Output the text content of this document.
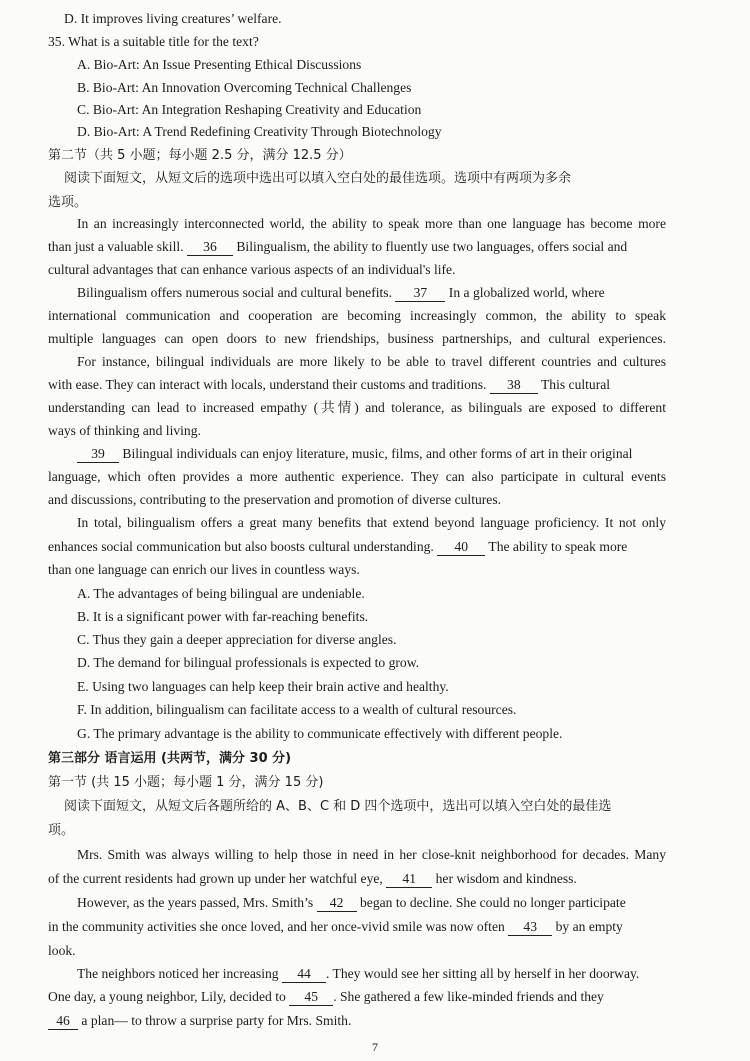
D. It improves living creatures’ welfare.
35. What is a suitable title for the text?
A. Bio-Art: An Issue Presenting Ethical Discussions
B. Bio-Art: An Innovation Overcoming Technical Challenges
C. Bio-Art: An Integration Reshaping Creativity and Education
D. Bio-Art: A Trend Redefining Creativity Through Biotechnology
第二节（共 5 小题；每小题 2.5 分，满分 12.5 分）
阅读下面短文，从短文后的选项中选出可以填入空白处的最佳选项。选项中有两项为多余
选项。
In an increasingly interconnected world, the ability to speak more than one language has become more
than just a valuable skill. 36 Bilingualism, the ability to fluently use two languages, offers social and
cultural advantages that can enhance various aspects of an individual's life.
Bilingualism offers numerous social and cultural benefits. 37 In a globalized world, where
international communication and cooperation are becoming increasingly common, the ability to speak
multiple languages can open doors to new friendships, business partnerships, and cultural experiences.
For instance, bilingual individuals are more likely to be able to travel different countries and cultures
with ease. They can interact with locals, understand their customs and traditions. 38 This cultural
understanding can lead to increased empathy (共情) and tolerance, as bilinguals are exposed to different
ways of thinking and living.
39 Bilingual individuals can enjoy literature, music, films, and other forms of art in their original
language, which often provides a more authentic experience. They can also participate in cultural events
and discussions, contributing to the preservation and promotion of diverse cultures.
In total, bilingualism offers a great many benefits that extend beyond language proficiency. It not only
enhances social communication but also boosts cultural understanding. 40 The ability to speak more
than one language can enrich our lives in countless ways.
A. The advantages of being bilingual are undeniable.
B. It is a significant power with far-reaching benefits.
C. Thus they gain a deeper appreciation for diverse angles.
D. The demand for bilingual professionals is expected to grow.
E. Using two languages can help keep their brain active and healthy.
F. In addition, bilingualism can facilitate access to a wealth of cultural resources.
G. The primary advantage is the ability to communicate effectively with different people.
第三部分 语言运用 (共两节，满分 30 分)
第一节 (共 15 小题；每小题 1 分，满分 15 分)
阅读下面短文，从短文后各题所给的 A、B、C 和 D 四个选项中，选出可以填入空白处的最佳选
项。
Mrs. Smith was always willing to help those in need in her close-knit neighborhood for decades. Many
of the current residents had grown up under her watchful eye, 41 her wisdom and kindness.
However, as the years passed, Mrs. Smith’s 42 began to decline. She could no longer participate
in the community activities she once loved, and her once-vivid smile was now often 43 by an empty
look.
The neighbors noticed her increasing 44 . They would see her sitting all by herself in her doorway.
One day, a young neighbor, Lily, decided to 45 . She gathered a few like-minded friends and they
46 a plan— to throw a surprise party for Mrs. Smith.
7
